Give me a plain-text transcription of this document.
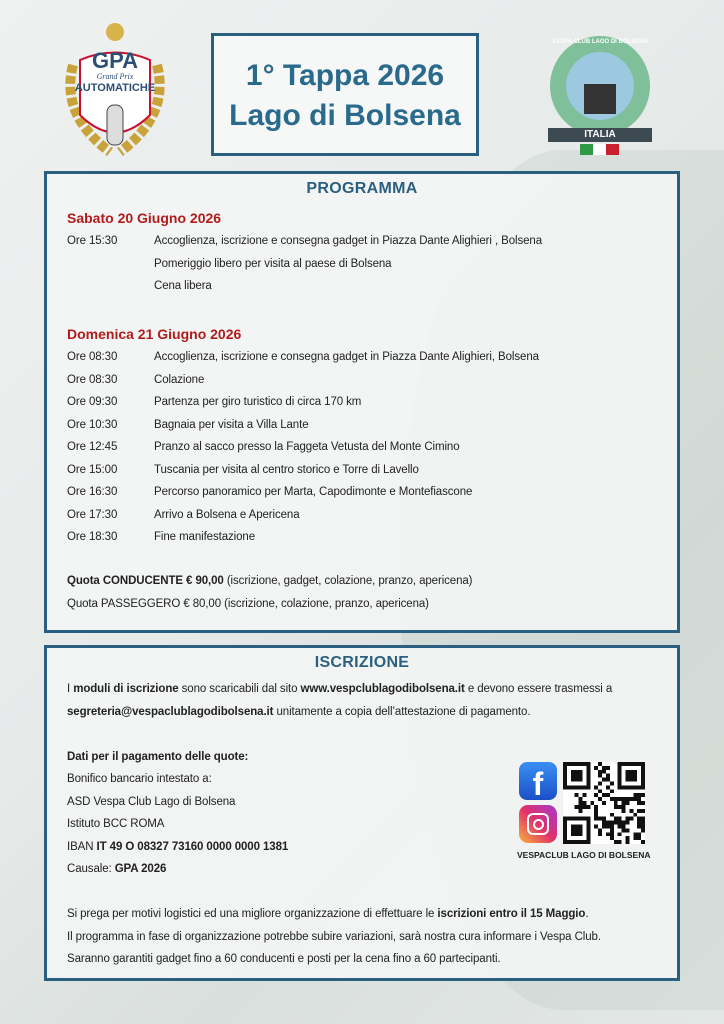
GPA
Grand Prix
AUTOMATICHE	1° Tappa 2026
Lago di Bolsena
ITALIA
VESPA CLUB LAGO DI BOLSENA
PROGRAMMA
Sabato 20 Giugno 2026
Ore 15:30	Accoglienza, iscrizione e consegna gadget in Piazza Dante Alighieri , Bolsena
Pomeriggio libero per visita al paese di Bolsena
Cena libera
Domenica 21 Giugno 2026
Ore 08:30	Accoglienza, iscrizione e consegna gadget in Piazza Dante Alighieri, Bolsena
Ore 08:30	Colazione
Ore 09:30	Partenza per giro turistico di circa 170 km
Ore 10:30	Bagnaia per visita a Villa Lante
Ore 12:45	Pranzo al sacco presso la Faggeta Vetusta del Monte Cimino
Ore 15:00	Tuscania per visita al centro storico e Torre di Lavello
Ore 16:30	Percorso panoramico per Marta, Capodimonte e Montefiascone
Ore 17:30	Arrivo a Bolsena e Apericena
Ore 18:30	Fine manifestazione
Quota CONDUCENTE € 90,00 (iscrizione, gadget, colazione, pranzo, apericena)
Quota PASSEGGERO € 80,00 (iscrizione, colazione, pranzo, apericena)
ISCRIZIONE
I moduli di iscrizione sono scaricabili dal sito www.vespclublagodibolsena.it e devono essere trasmessi a
segreteria@vespaclublagodibolsena.it unitamente a copia dell’attestazione di pagamento.
Dati per il pagamento delle quote:
Bonifico bancario intestato a:
ASD Vespa Club Lago di Bolsena
Istituto BCC ROMA
IBAN IT 49 O 08327 73160 0000 0000 1381
Causale: GPA 2026
Si prega per motivi logistici ed una migliore organizzazione di effettuare le iscrizioni entro il 15 Maggio.
Il programma in fase di organizzazione potrebbe subire variazioni, sarà nostra cura informare i Vespa Club.
Saranno garantiti gadget fino a 60 conducenti e posti per la cena fino a 60 partecipanti.
f
VESPACLUB LAGO DI BOLSENA
